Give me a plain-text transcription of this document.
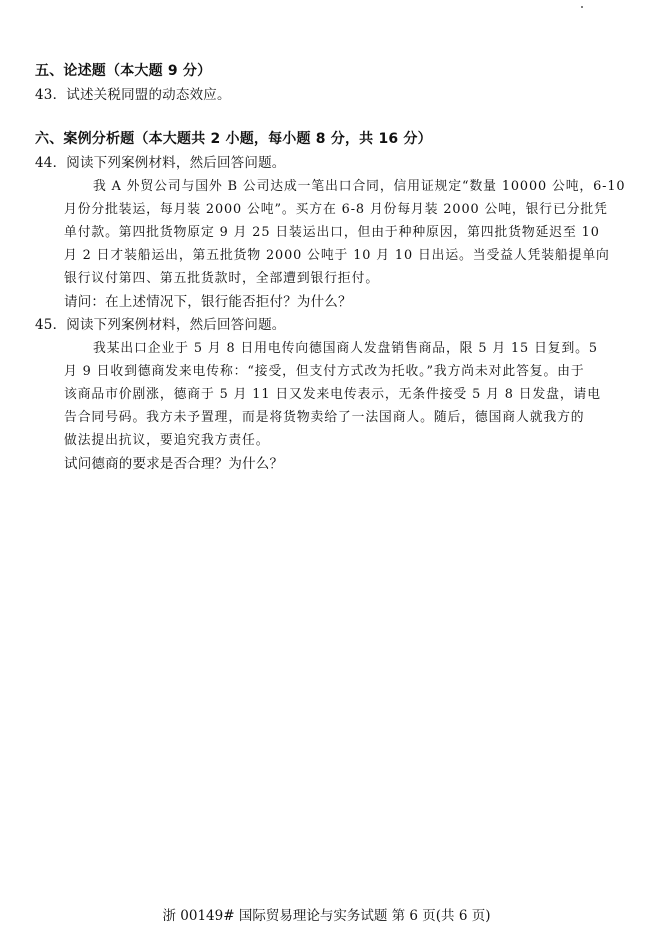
五、论述题（本大题 9 分）
43．试述关税同盟的动态效应。
六、案例分析题（本大题共 2 小题，每小题 8 分，共 16 分）
44．阅读下列案例材料，然后回答问题。
我 A 外贸公司与国外 B 公司达成一笔出口合同，信用证规定“数量 10000 公吨，6-10
月份分批装运，每月装 2000 公吨”。买方在 6-8 月份每月装 2000 公吨，银行已分批凭
单付款。第四批货物原定 9 月 25 日装运出口，但由于种种原因，第四批货物延迟至 10
月 2 日才装船运出，第五批货物 2000 公吨于 10 月 10 日出运。当受益人凭装船提单向
银行议付第四、第五批货款时，全部遭到银行拒付。
请问：在上述情况下，银行能否拒付？为什么？
45．阅读下列案例材料，然后回答问题。
我某出口企业于 5 月 8 日用电传向德国商人发盘销售商品，限 5 月 15 日复到。5
月 9 日收到德商发来电传称：“接受，但支付方式改为托收。”我方尚未对此答复。由于
该商品市价剧涨，德商于 5 月 11 日又发来电传表示，无条件接受 5 月 8 日发盘，请电
告合同号码。我方未予置理，而是将货物卖给了一法国商人。随后，德国商人就我方的
做法提出抗议，要追究我方责任。
试问德商的要求是否合理？为什么？
浙 00149# 国际贸易理论与实务试题 第 6 页(共 6 页)
